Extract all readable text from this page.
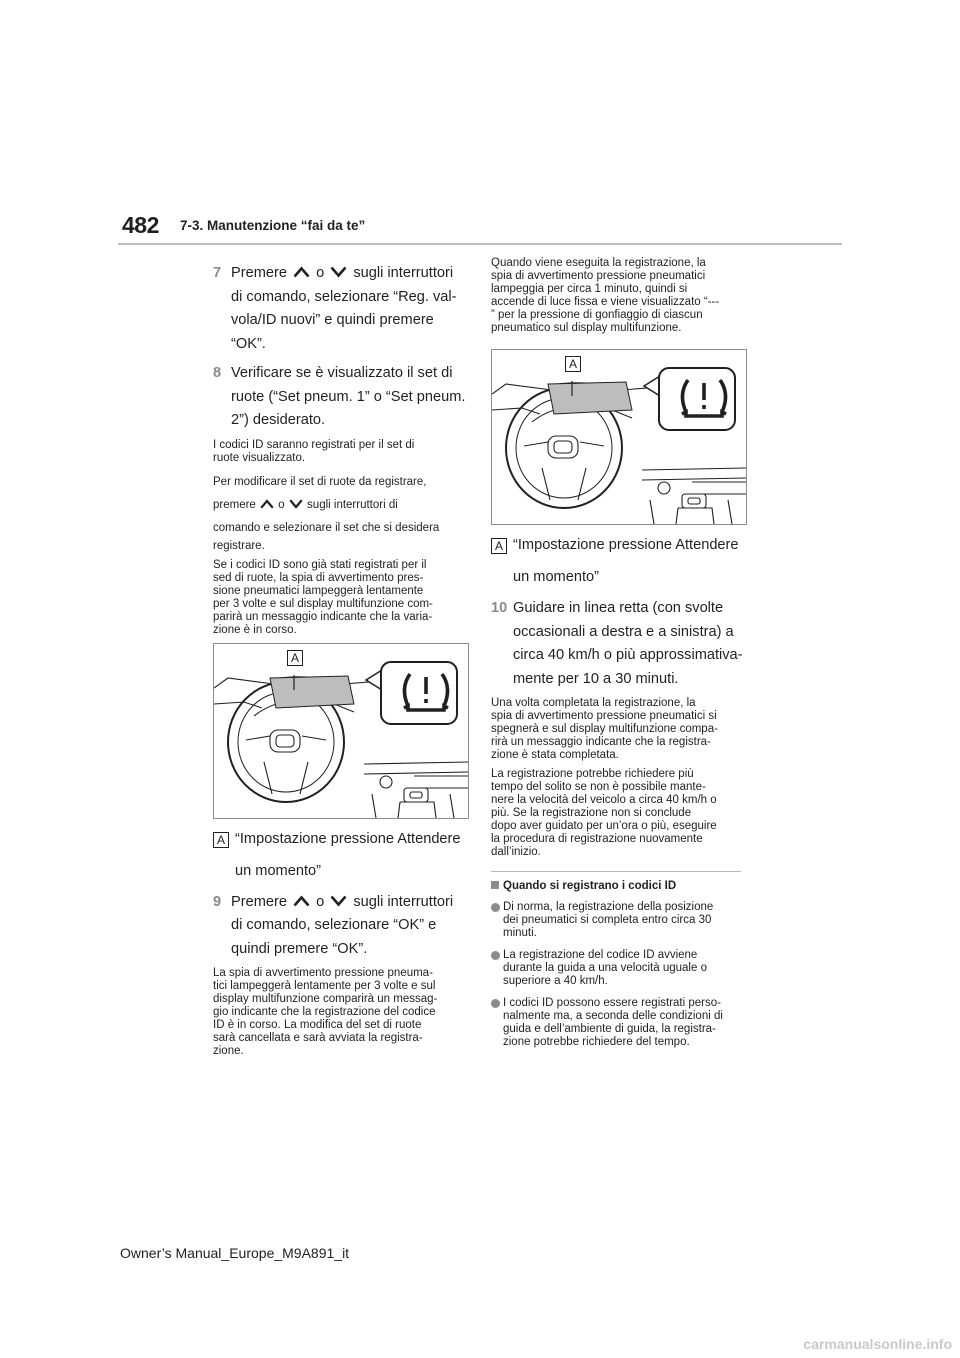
482 7-3. Manutenzione “fai da te”
7 Premere o sugli interruttori
di comando, selezionare “Reg. val-
vola/ID nuovi” e quindi premere
“OK”.
8 Verificare se è visualizzato il set di
ruote (“Set pneum. 1” o “Set pneum.
2”) desiderato.

I codici ID saranno registrati per il set di
ruote visualizzato.

Per modificare il set di ruote da registrare,
premere o sugli interruttori di
comando e selezionare il set che si desidera
registrare.

Se i codici ID sono già stati registrati per il
sed di ruote, la spia di avvertimento pres-
sione pneumatici lampeggerà lentamente
per 3 volte e sul display multifunzione com-
parirà un messaggio indicante che la varia-
zione è in corso.

A
A “Impostazione pressione Attendere
un momento”
9 Premere o sugli interruttori
di comando, selezionare “OK” e
quindi premere “OK”.

La spia di avvertimento pressione pneuma-
tici lampeggerà lentamente per 3 volte e sul
display multifunzione comparirà un messag-
gio indicante che la registrazione del codice
ID è in corso. La modifica del set di ruote
sarà cancellata e sarà avviata la registra-
zione.

Quando viene eseguita la registrazione, la
spia di avvertimento pressione pneumatici
lampeggia per circa 1 minuto, quindi si
accende di luce fissa e viene visualizzato “---
” per la pressione di gonfiaggio di ciascun
pneumatico sul display multifunzione.

A
A “Impostazione pressione Attendere
un momento”
10 Guidare in linea retta (con svolte
occasionali a destra e a sinistra) a
circa 40 km/h o più approssimativa-
mente per 10 a 30 minuti.

Una volta completata la registrazione, la
spia di avvertimento pressione pneumatici si
spegnerà e sul display multifunzione compa-
rirà un messaggio indicante che la registra-
zione è stata completata.

La registrazione potrebbe richiedere più
tempo del solito se non è possibile mante-
nere la velocità del veicolo a circa 40 km/h o
più. Se la registrazione non si conclude
dopo aver guidato per un’ora o più, eseguire
la procedura di registrazione nuovamente
dall’inizio.

Quando si registrano i codici ID

Di norma, la registrazione della posizione
dei pneumatici si completa entro circa 30
minuti.
La registrazione del codice ID avviene
durante la guida a una velocità uguale o
superiore a 40 km/h.
I codici ID possono essere registrati perso-
nalmente ma, a seconda delle condizioni di
guida e dell’ambiente di guida, la registra-
zione potrebbe richiedere del tempo.
Owner’s Manual_Europe_M9A891_it
carmanualsonline.info
